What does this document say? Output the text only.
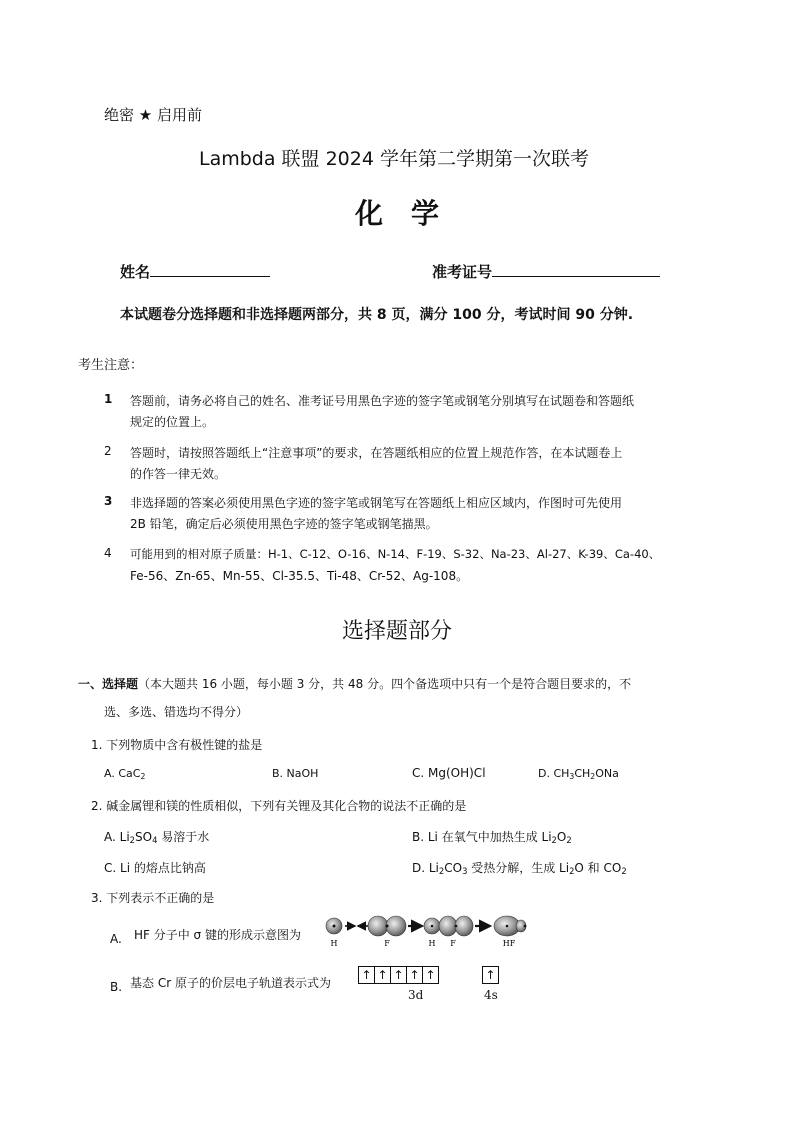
绝密 ★ 启用前
Lambda 联盟 2024 学年第二学期第一次联考
化　学
姓名	准考证号
本试题卷分选择题和非选择题两部分，共 8 页，满分 100 分，考试时间 90 分钟.
考生注意：
1 答题前，请务必将自己的姓名、准考证号用黑色字迹的签字笔或钢笔分别填写在试题卷和答题纸
规定的位置上。
2 答题时，请按照答题纸上“注意事项”的要求，在答题纸相应的位置上规范作答，在本试题卷上
的作答一律无效。
3 非选择题的答案必须使用黑色字迹的签字笔或钢笔写在答题纸上相应区域内，作图时可先使用
2B 铅笔，确定后必须使用黑色字迹的签字笔或钢笔描黑。
4 可能用到的相对原子质量：H-1、C-12、O-16、N-14、F-19、S-32、Na-23、Al-27、K-39、Ca-40、
Fe-56、Zn-65、Mn-55、Cl-35.5、Ti-48、Cr-52、Ag-108。
选择题部分
一、选择题（本大题共 16 小题，每小题 3 分，共 48 分。四个备选项中只有一个是符合题目要求的，不
选、多选、错选均不得分）
1. 下列物质中含有极性键的盐是
A. CaC$_2$	B. NaOH	C. Mg(OH)Cl	D. $CH_3CH_2ONa$
2. 碱金属锂和镁的性质相似，下列有关锂及其化合物的说法不正确的是
A. $Li_2SO_4$ 易溶于水	B. Li 在氧气中加热生成 $Li_2O_2$
C. Li 的熔点比钠高	D. $Li_2CO_3$ 受热分解，生成 $Li_2O$ 和 $CO_2$
3. 下列表示不正确的是
A. HF 分子中 σ 键的形成示意图为
H	F	H F	HF
B. 基态 Cr 原子的价层电子轨道表示式为
↑ ↑ ↑ ↑ ↑	↑
3d	4s
